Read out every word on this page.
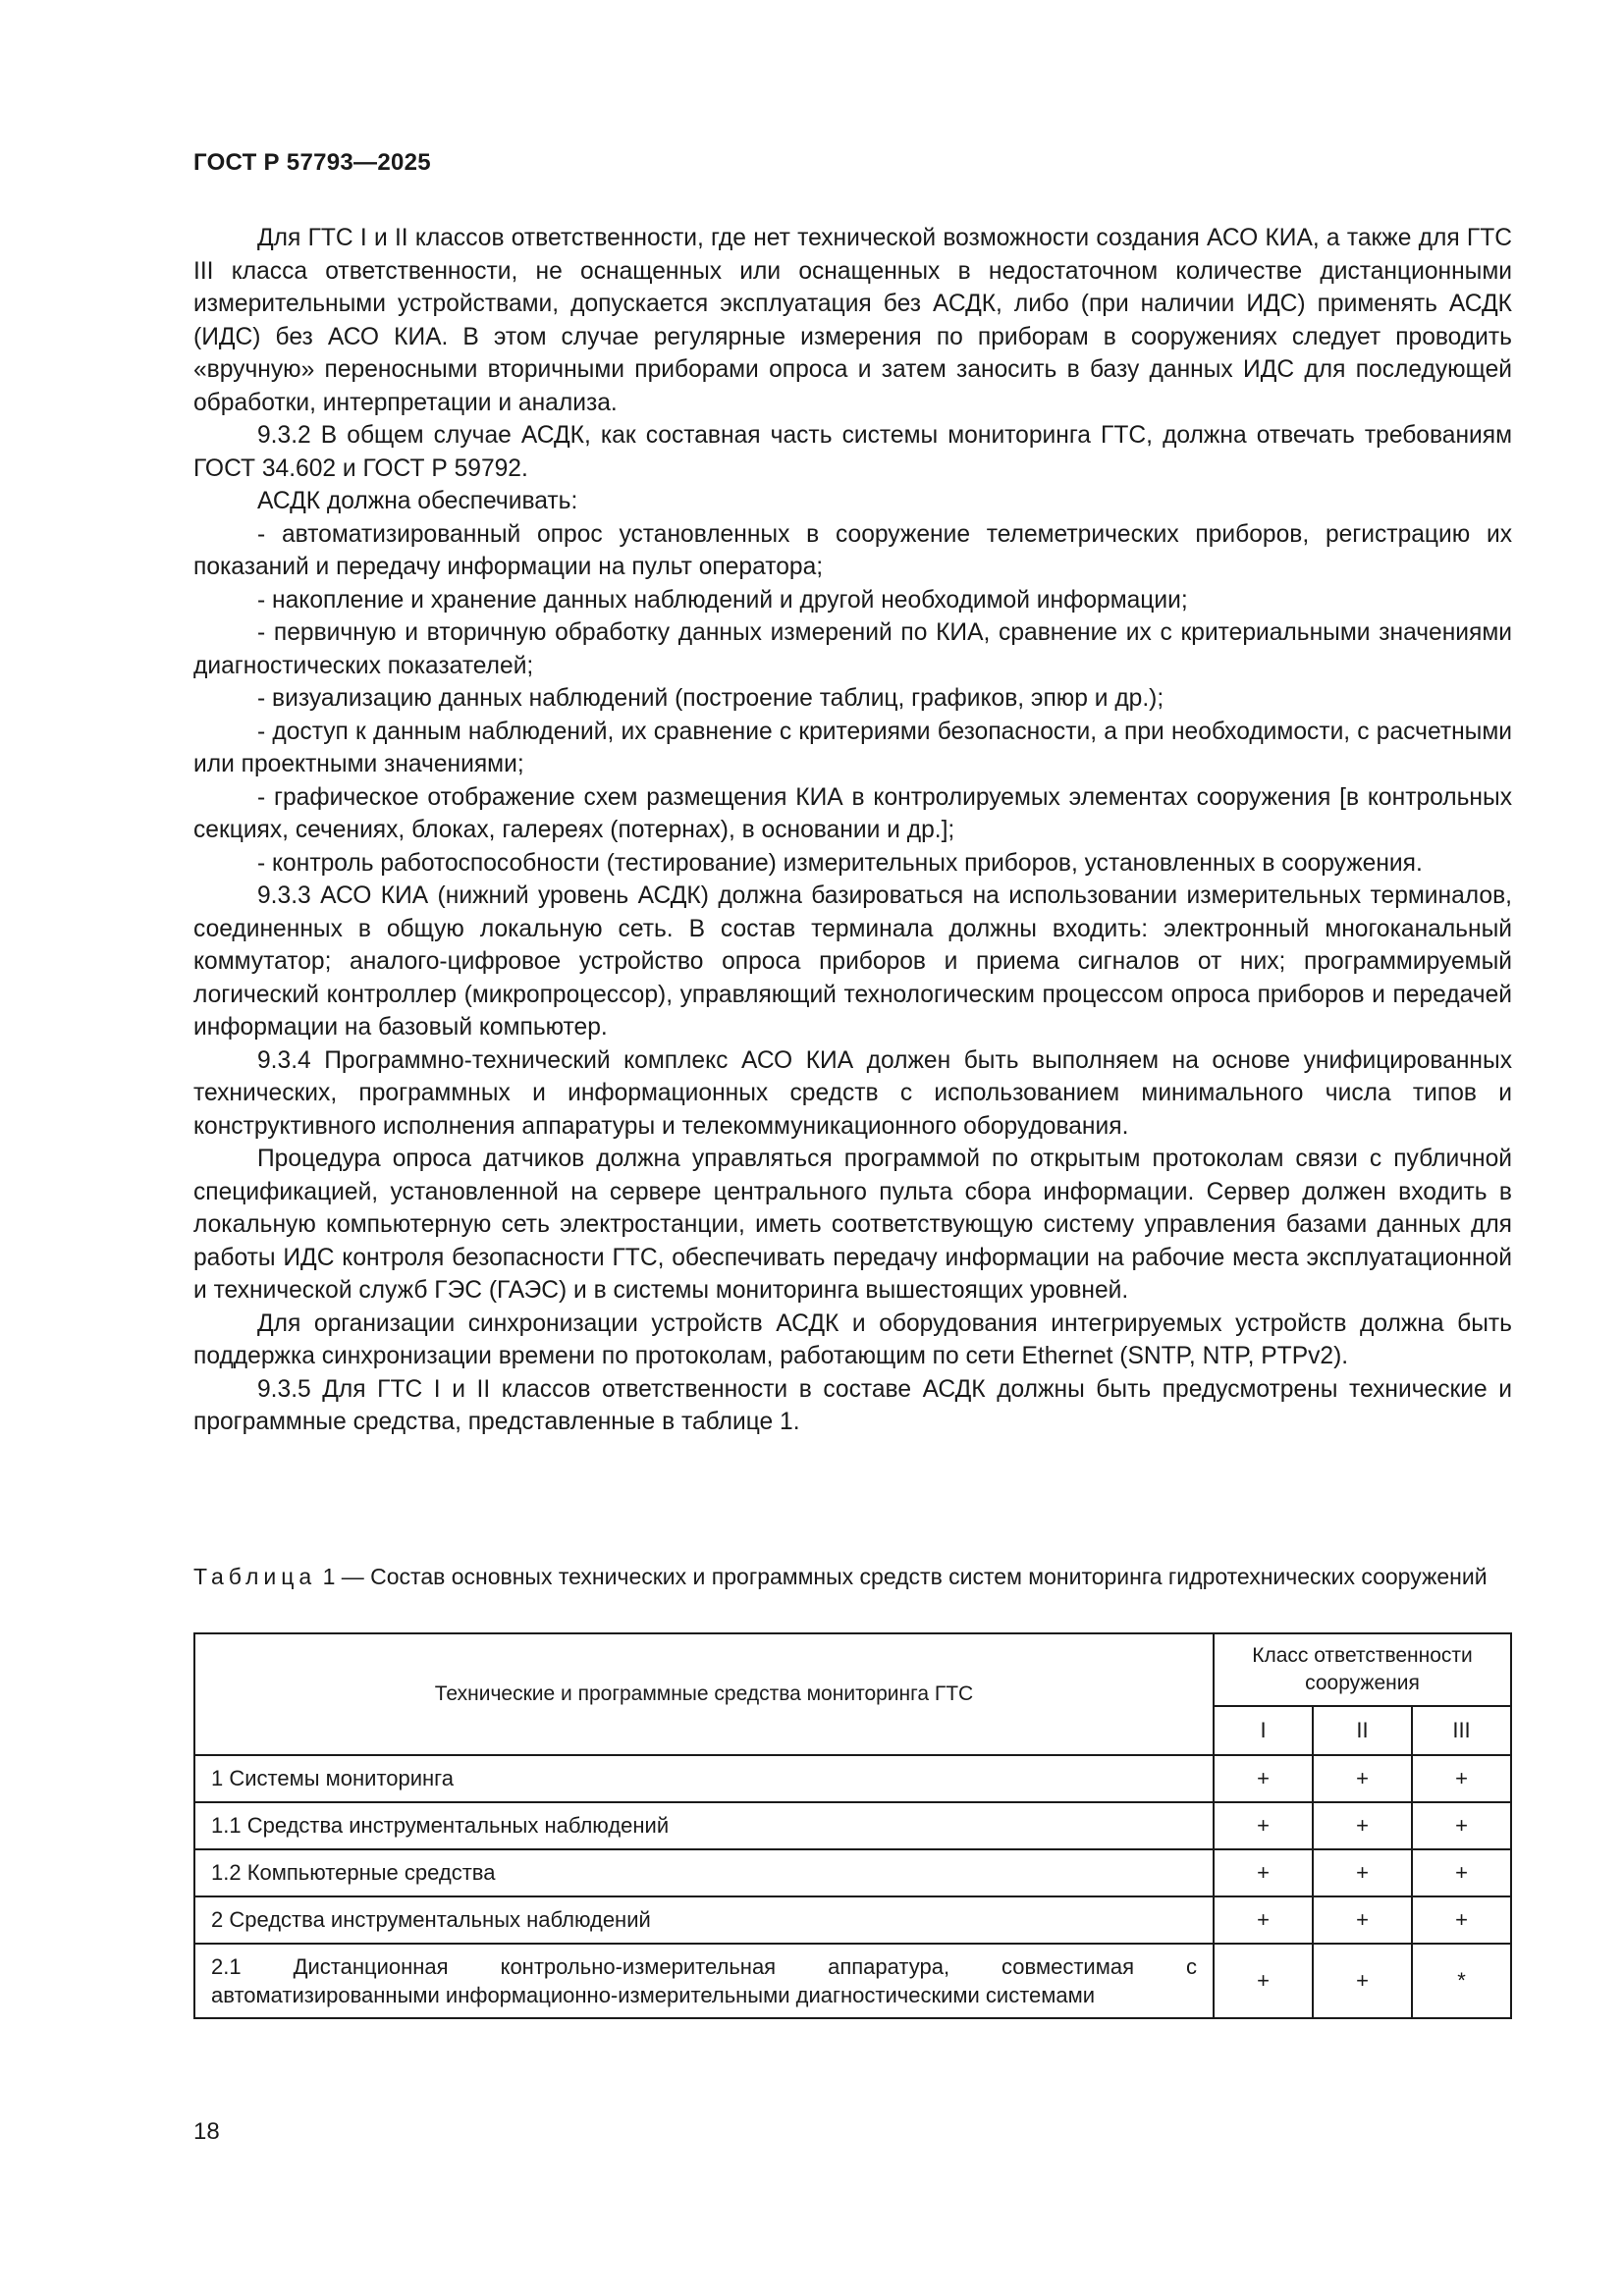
ГОСТ Р 57793—2025

Для ГТС I и II классов ответственности, где нет технической возможности создания АСО КИА, а также для ГТС III класса ответственности, не оснащенных или оснащенных в недостаточном количестве дистанционными измерительными устройствами, допускается эксплуатация без АСДК, либо (при наличии ИДС) применять АСДК (ИДС) без АСО КИА. В этом случае регулярные измерения по приборам в сооружениях следует проводить «вручную» переносными вторичными приборами опроса и затем заносить в базу данных ИДС для последующей обработки, интерпретации и анализа.

9.3.2 В общем случае АСДК, как составная часть системы мониторинга ГТС, должна отвечать требованиям ГОСТ 34.602 и ГОСТ Р 59792.

АСДК должна обеспечивать:

- автоматизированный опрос установленных в сооружение телеметрических приборов, регистрацию их показаний и передачу информации на пульт оператора;

- накопление и хранение данных наблюдений и другой необходимой информации;

- первичную и вторичную обработку данных измерений по КИА, сравнение их с критериальными значениями диагностических показателей;

- визуализацию данных наблюдений (построение таблиц, графиков, эпюр и др.);

- доступ к данным наблюдений, их сравнение с критериями безопасности, а при необходимости, с расчетными или проектными значениями;

- графическое отображение схем размещения КИА в контролируемых элементах сооружения [в контрольных секциях, сечениях, блоках, галереях (потернах), в основании и др.];

- контроль работоспособности (тестирование) измерительных приборов, установленных в сооружения.

9.3.3 АСО КИА (нижний уровень АСДК) должна базироваться на использовании измерительных терминалов, соединенных в общую локальную сеть. В состав терминала должны входить: электронный многоканальный коммутатор; аналого-цифровое устройство опроса приборов и приема сигналов от них; программируемый логический контроллер (микропроцессор), управляющий технологическим процессом опроса приборов и передачей информации на базовый компьютер.

9.3.4 Программно-технический комплекс АСО КИА должен быть выполняем на основе унифицированных технических, программных и информационных средств с использованием минимального числа типов и конструктивного исполнения аппаратуры и телекоммуникационного оборудования.

Процедура опроса датчиков должна управляться программой по открытым протоколам связи с публичной спецификацией, установленной на сервере центрального пульта сбора информации. Сервер должен входить в локальную компьютерную сеть электростанции, иметь соответствующую систему управления базами данных для работы ИДС контроля безопасности ГТС, обеспечивать передачу информации на рабочие места эксплуатационной и технической служб ГЭС (ГАЭС) и в системы мониторинга вышестоящих уровней.

Для организации синхронизации устройств АСДК и оборудования интегрируемых устройств должна быть поддержка синхронизации времени по протоколам, работающим по сети Ethernet (SNTP, NTP, PTPv2).

9.3.5 Для ГТС I и II классов ответственности в составе АСДК должны быть предусмотрены технические и программные средства, представленные в таблице 1.

Таблица 1 — Состав основных технических и программных средств систем мониторинга гидротехнических сооружений
Технические и программные средства мониторинга ГТС	Класс ответственности сооружения		
	I	II	III
1 Системы мониторинга	+	+	+
1.1 Средства инструментальных наблюдений	+	+	+
1.2 Компьютерные средства	+	+	+
2 Средства инструментальных наблюдений	+	+	+
2.1 Дистанционная контрольно-измерительная аппаратура, совместимая с автоматизированными информационно-измерительными диагностическими системами	+	+	*
18
